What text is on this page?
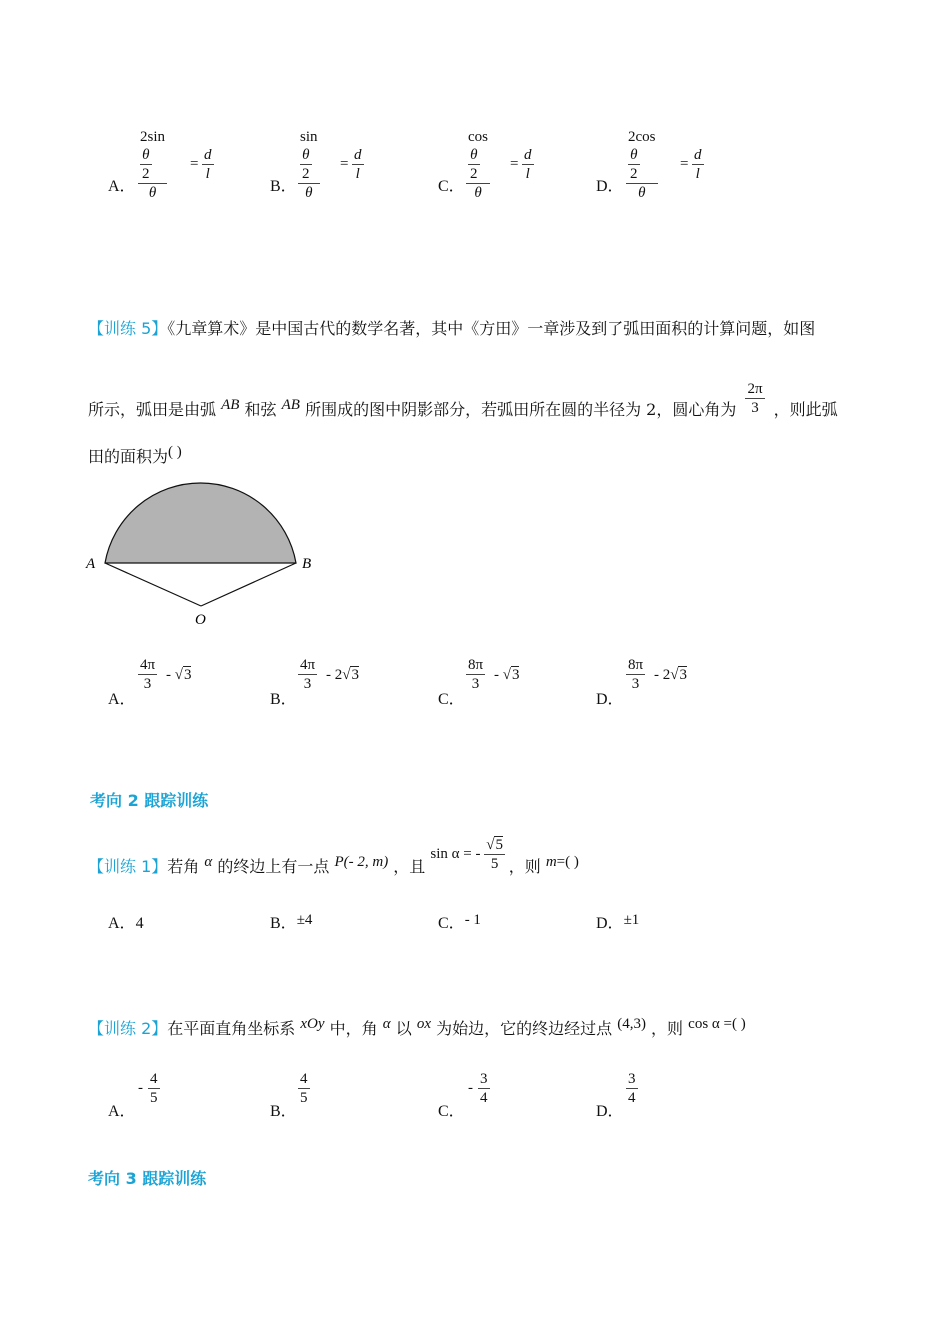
A．
2sin
$\frac{\theta}{2}$
θ
=
d
l
B．
sin
$\frac{\theta}{2}$
θ
=
d
l
C．
cos
$\frac{\theta}{2}$
θ
=
d
l
D．
2cos
$\frac{\theta}{2}$
θ
=
d
l
【训练 5】《九章算术》是中国古代的数学名著，其中《方田》一章涉及到了弧田面积的计算问题，如图
所示，弧田是由弧 AB 和弦 AB 所围成的图中阴影部分，若弧田所在圆的半径为 2，圆心角为 $\frac{2\pi}{3}$ ，则此弧
田的面积为( )
A	B
O
A．
4π
3
- √3
B．
4π
3
- 2√3
C．
8π
3
- √3
D．
8π
3
- 2√3
考向 2 跟踪训练
【训练 1】若角 α 的终边上有一点 P(- 2, m) ，且 sin α = - $\frac{√5}{5}$ ，则 m=( )
A．4	B．±4	C．- 1	D．±1
【训练 2】在平面直角坐标系 xOy 中，角 α 以 ox 为始边，它的终边经过点 (4,3) ，则 cos α =( )
A．
-
4
5
B．
4
5
C．
-
3
4
D．
3
4
考向 3 跟踪训练
